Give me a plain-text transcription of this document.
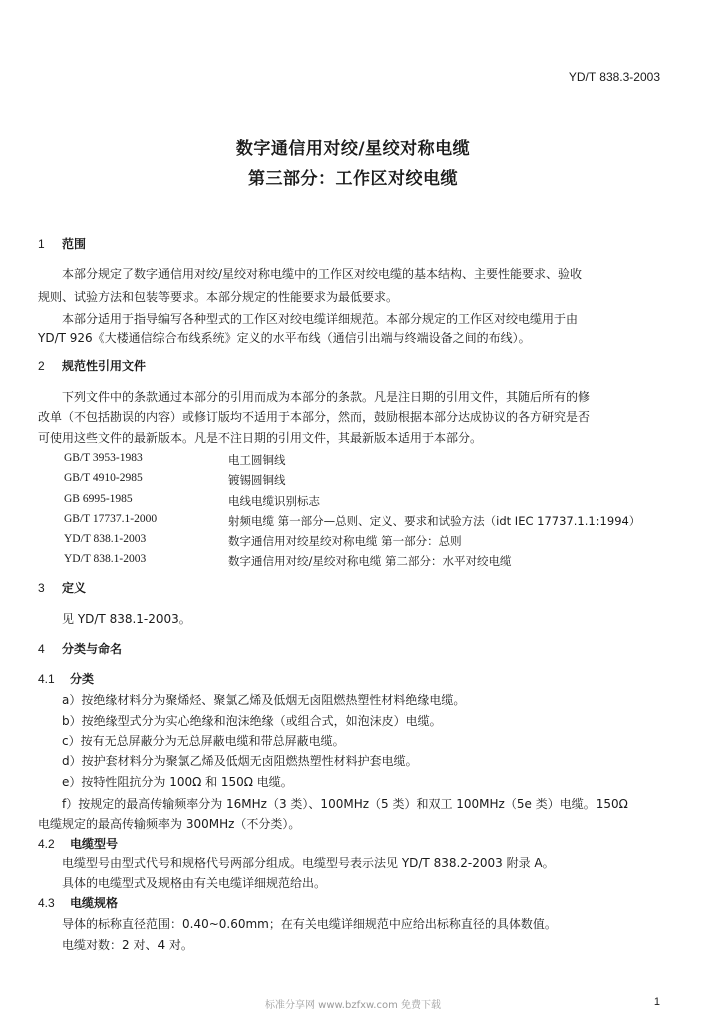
YD/T 838.3-2003
数字通信用对绞/星绞对称电缆
第三部分：工作区对绞电缆
1 范围
　　本部分规定了数字通信用对绞/星绞对称电缆中的工作区对绞电缆的基本结构、主要性能要求、验收
规则、试验方法和包装等要求。本部分规定的性能要求为最低要求。
　　本部分适用于指导编写各种型式的工作区对绞电缆详细规范。本部分规定的工作区对绞电缆用于由
YD/T 926《大楼通信综合布线系统》定义的水平布线（通信引出端与终端设备之间的布线）。
2 规范性引用文件
　　下列文件中的条款通过本部分的引用而成为本部分的条款。凡是注日期的引用文件，其随后所有的修
改单（不包括勘误的内容）或修订版均不适用于本部分，然而，鼓励根据本部分达成协议的各方研究是否
可使用这些文件的最新版本。凡是不注日期的引用文件，其最新版本适用于本部分。
GB/T 3953-1983	电工圆铜线
GB/T 4910-2985	镀锡圆铜线
GB 6995-1985	电线电缆识别标志
GB/T 17737.1-2000	射频电缆 第一部分—总则、定义、要求和试验方法（idt IEC 17737.1.1:1994）
YD/T 838.1-2003	数字通信用对绞星绞对称电缆 第一部分：总则
YD/T 838.1-2003	数字通信用对绞/星绞对称电缆 第二部分：水平对绞电缆
3 定义
　　见 YD/T 838.1-2003。
4 分类与命名
4.1 分类
　　a）按绝缘材料分为聚烯烃、聚氯乙烯及低烟无卤阻燃热塑性材料绝缘电缆。
　　b）按绝缘型式分为实心绝缘和泡沫绝缘（或组合式，如泡沫皮）电缆。
　　c）按有无总屏蔽分为无总屏蔽电缆和带总屏蔽电缆。
　　d）按护套材料分为聚氯乙烯及低烟无卤阻燃热塑性材料护套电缆。
　　e）按特性阻抗分为 100Ω 和 150Ω 电缆。
　　f）按规定的最高传输频率分为 16MHz（3 类）、100MHz（5 类）和双工 100MHz（5e 类）电缆。150Ω
电缆规定的最高传输频率为 300MHz（不分类）。
4.2 电缆型号
　　电缆型号由型式代号和规格代号两部分组成。电缆型号表示法见 YD/T 838.2-2003 附录 A。
　　具体的电缆型式及规格由有关电缆详细规范给出。
4.3 电缆规格
　　导体的标称直径范围：0.40~0.60mm；在有关电缆详细规范中应给出标称直径的具体数值。
　　电缆对数：2 对、4 对。
标准分享网 www.bzfxw.com 免费下载	1
